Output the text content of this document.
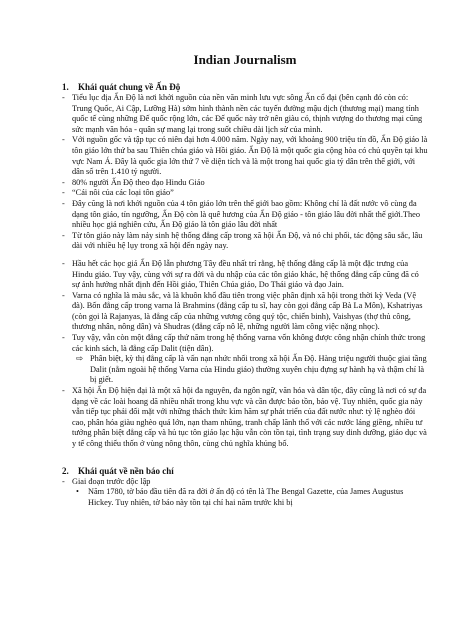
Indian Journalism
1.	Khái quát chung về Ấn Độ
- Tiểu lục địa Ấn Độ là nơi khởi nguồn của nền văn minh lưu vực sông Ấn cổ đại (bên cạnh đó còn có: Trung Quốc, Ai Cập, Lưỡng Hà) sớm hình thành nền các tuyến đường mậu dịch (thương mại) mang tính quốc tế cùng những Đế quốc rộng lớn, các Đế quốc này trở nên giàu có, thịnh vượng do thương mại cũng sức mạnh văn hóa - quân sự mang lại trong suốt chiều dài lịch sử của mình.
- Với nguồn gốc và tập tục có niên đại hơn 4.000 năm. Ngày nay, với khoảng 900 triệu tín đồ, Ấn Độ giáo là tôn giáo lớn thứ ba sau Thiên chúa giáo và Hồi giáo. Ấn Độ là một quốc gia cộng hòa có chủ quyền tại khu vực Nam Á. Đây là quốc gia lớn thứ 7 về diện tích và là một trong hai quốc gia tỷ dân trên thế giới, với dân số trên 1.410 tỷ người.
- 80% người Ấn Độ theo đạo Hindu Giáo
- “Cái nôi của các loại tôn giáo”
- Đây cũng là nơi khởi nguồn của 4 tôn giáo lớn trên thế giới bao gồm: Không chỉ là đất nước vô cùng đa dạng tôn giáo, tín ngưỡng, Ấn Độ còn là quê hương của Ấn Độ giáo - tôn giáo lâu đời nhất thế giới.Theo nhiều học giả nghiên cứu, Ấn Độ giáo là tôn giáo lâu đời nhất
- Từ tôn giáo này làm nảy sinh hệ thống đẳng cấp trong xã hội Ấn Độ, và nó chi phối, tác động sâu sắc, lâu dài với nhiều hệ lụy trong xã hội đến ngày nay.
- Hầu hết các học giả Ấn Độ lẫn phương Tây đều nhất trí rằng, hệ thống đẳng cấp là một đặc trưng của Hindu giáo. Tuy vậy, cùng với sự ra đời và du nhập của các tôn giáo khác, hệ thống đẳng cấp cũng đã có sự ảnh hưởng nhất định đến Hồi giáo, Thiên Chúa giáo, Do Thái giáo và đạo Jain.
- Varna có nghĩa là màu sắc, và là khuôn khổ đầu tiên trong việc phân định xã hội trong thời kỳ Veda (Vệ đà). Bốn đẳng cấp trong varna là Brahmins (đẳng cấp tu sĩ, hay còn gọi đẳng cấp Bà La Môn), Kshatriyas (còn gọi là Rajanyas, là đẳng cấp của những vương công quý tộc, chiến binh), Vaishyas (thợ thủ công, thương nhân, nông dân) và Shudras (đẳng cấp nô lệ, những người làm công việc nặng nhọc).
- Tuy vậy, vẫn còn một đẳng cấp thứ năm trong hệ thống varna vốn không được công nhận chính thức trong các kinh sách, là đẳng cấp Dalit (tiện dân).
⇨ Phân biệt, kỳ thị đẳng cấp là vấn nạn nhức nhối trong xã hội Ấn Độ. Hàng triệu người thuộc giai tầng Dalit (nằm ngoài hệ thống Varna của Hindu giáo) thường xuyên chịu đựng sự hành hạ và thậm chí là bị giết.
- Xã hội Ấn Độ hiện đại là một xã hội đa nguyên, đa ngôn ngữ, văn hóa và dân tộc, đây cũng là nơi có sự đa dạng về các loài hoang dã nhiều nhất trong khu vực và cần được bảo tồn, bảo vệ. Tuy nhiên, quốc gia này vẫn tiếp tục phải đối mặt với những thách thức kìm hãm sự phát triển của đất nước như: tỷ lệ nghèo đói cao, phân hóa giàu nghèo quá lớn, nạn tham nhũng, tranh chấp lãnh thổ với các nước láng giềng, nhiều tư tưởng phân biệt đẳng cấp và hủ tục tôn giáo lạc hậu vẫn còn tồn tại, tình trạng suy dinh dưỡng, giáo dục và y tế công thiếu thốn ở vùng nông thôn, cùng chủ nghĩa khủng bố.
2.	Khái quát về nền báo chí
- Giai đoạn trước độc lập
•	Năm 1780, tờ báo đầu tiên đã ra đời ở ấn độ có tên là The Bengal Gazette, của James Augustus Hickey. Tuy nhiên, tờ báo này tồn tại chỉ hai năm trước khi bị
